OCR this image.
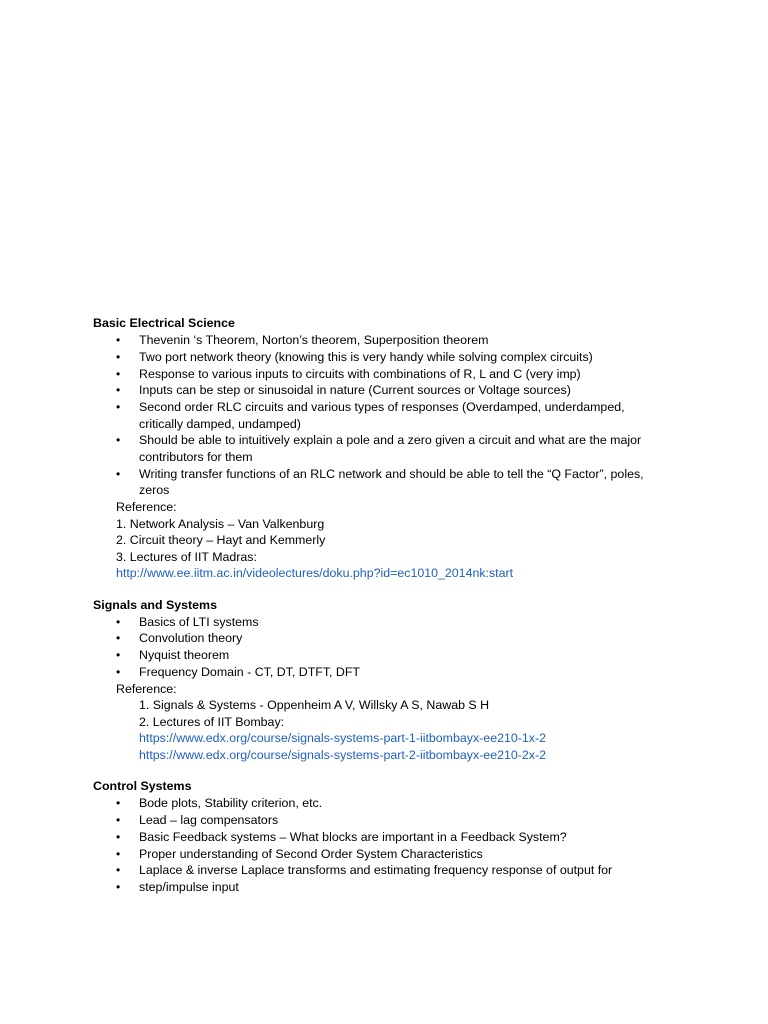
Basic Electrical Science
• Thevenin ‘s Theorem, Norton’s theorem, Superposition theorem
• Two port network theory (knowing this is very handy while solving complex circuits)
• Response to various inputs to circuits with combinations of R, L and C (very imp)
• Inputs can be step or sinusoidal in nature (Current sources or Voltage sources)
• Second order RLC circuits and various types of responses (Overdamped, underdamped, critically damped, undamped)
• Should be able to intuitively explain a pole and a zero given a circuit and what are the major contributors for them
• Writing transfer functions of an RLC network and should be able to tell the “Q Factor”, poles, zeros
Reference:
1. Network Analysis – Van Valkenburg
2. Circuit theory – Hayt and Kemmerly
3. Lectures of IIT Madras:
http://www.ee.iitm.ac.in/videolectures/doku.php?id=ec1010_2014nk:start
Signals and Systems
• Basics of LTI systems
• Convolution theory
• Nyquist theorem
• Frequency Domain - CT, DT, DTFT, DFT
Reference:
1. Signals & Systems - Oppenheim A V, Willsky A S, Nawab S H
2. Lectures of IIT Bombay:
https://www.edx.org/course/signals-systems-part-1-iitbombayx-ee210-1x-2
https://www.edx.org/course/signals-systems-part-2-iitbombayx-ee210-2x-2
Control Systems
• Bode plots, Stability criterion, etc.
• Lead – lag compensators
• Basic Feedback systems – What blocks are important in a Feedback System?
• Proper understanding of Second Order System Characteristics
• Laplace & inverse Laplace transforms and estimating frequency response of output for
• step/impulse input
